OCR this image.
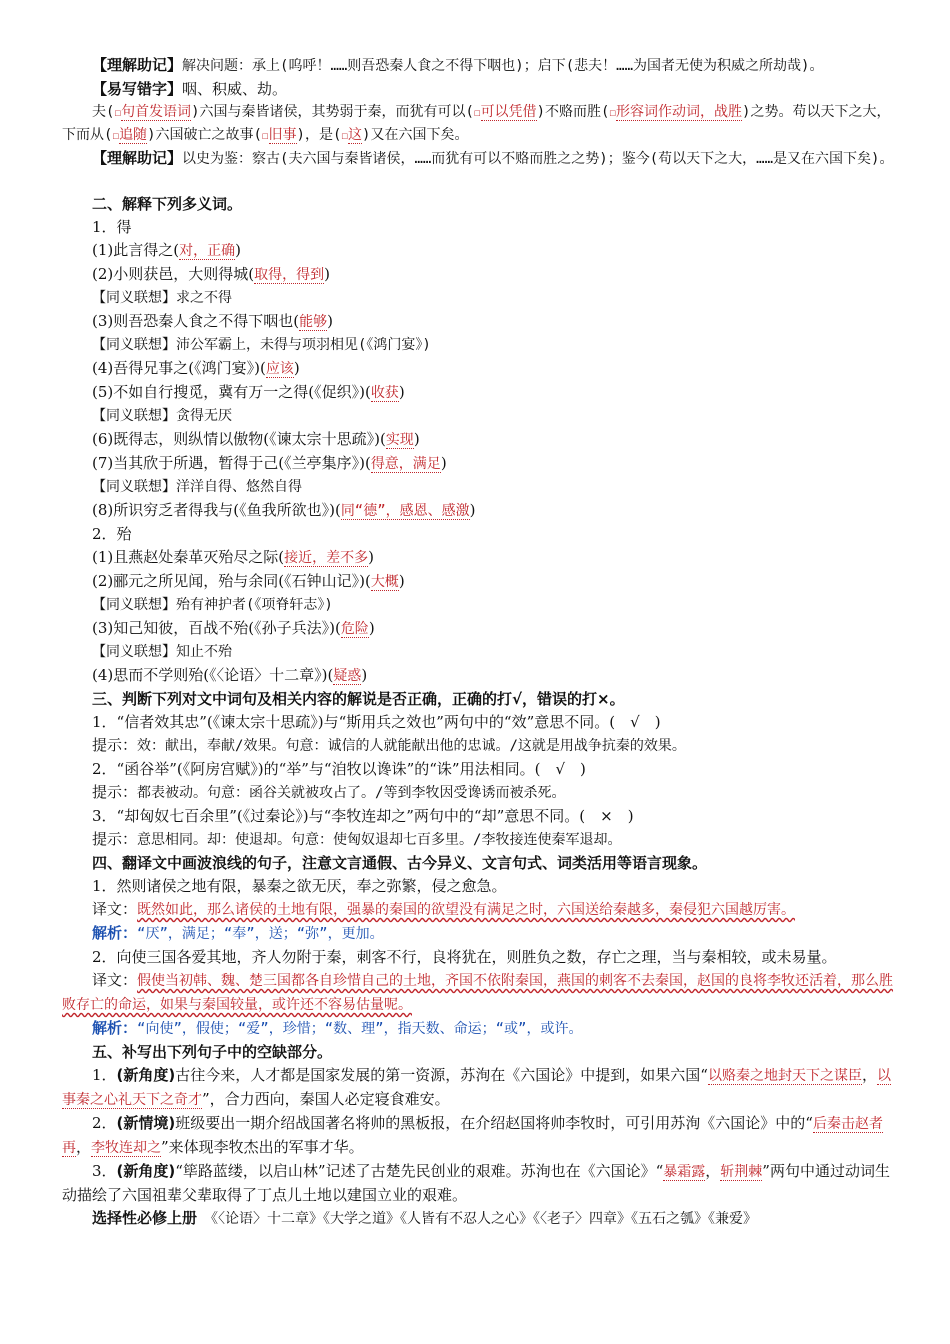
【理解助记】解决问题：承上(呜呼！……则吾恐秦人食之不得下咽也)；启下(悲夫！……为国者无使为积威之所劫哉)。

【易写错字】咽、积威、劫。

夫(☐句首发语词)六国与秦皆诸侯，其势弱于秦，而犹有可以(☐可以凭借)不赂而胜(☐形容词作动词，战胜)之势。苟以天下之大，下而从(☐追随)六国破亡之故事(☐旧事)，是(☐这)又在六国下矣。

【理解助记】以史为鉴：察古(夫六国与秦皆诸侯，……而犹有可以不赂而胜之之势)；鉴今(苟以天下之大，……是又在六国下矣)。

二、解释下列多义词。

1．得

(1)此言得之(对，正确)

(2)小则获邑，大则得城(取得，得到)

【同义联想】求之不得

(3)则吾恐秦人食之不得下咽也(能够)

【同义联想】沛公军霸上，未得与项羽相见(《鸿门宴》)

(4)吾得兄事之(《鸿门宴》)(应该)

(5)不如自行搜觅，冀有万一之得(《促织》)(收获)

【同义联想】贪得无厌

(6)既得志，则纵情以傲物(《谏太宗十思疏》)(实现)

(7)当其欣于所遇，暂得于己(《兰亭集序》)(得意，满足)

【同义联想】洋洋自得、悠然自得

(8)所识穷乏者得我与(《鱼我所欲也》)(同“德”，感恩、感激)

2．殆

(1)且燕赵处秦革灭殆尽之际(接近，差不多)

(2)郦元之所见闻，殆与余同(《石钟山记》)(大概)

【同义联想】殆有神护者(《项脊轩志》)

(3)知己知彼，百战不殆(《孙子兵法》)(危险)

【同义联想】知止不殆

(4)思而不学则殆(《〈论语〉十二章》)(疑惑)

三、判断下列对文中词句及相关内容的解说是否正确，正确的打√，错误的打×。

1．“信者效其忠”(《谏太宗十思疏》)与“斯用兵之效也”两句中的“效”意思不同。(　 √　)

提示：效：献出，奉献/效果。句意：诚信的人就能献出他的忠诚。/这就是用战争抗秦的效果。

2．“函谷举”(《阿房宫赋》)的“举”与“洎牧以谗诛”的“诛”用法相同。(　 √　)

提示：都表被动。句意：函谷关就被攻占了。/等到李牧因受谗诱而被杀死。

3．“却匈奴七百余里”(《过秦论》)与“李牧连却之”两句中的“却”意思不同。(　 ×　)

提示：意思相同。却：使退却。句意：使匈奴退却七百多里。/李牧接连使秦军退却。

四、翻译文中画波浪线的句子，注意文言通假、古今异义、文言句式、词类活用等语言现象。

1．然则诸侯之地有限，暴秦之欲无厌，奉之弥繁，侵之愈急。

译文：既然如此，那么诸侯的土地有限，强暴的秦国的欲望没有满足之时，六国送给秦越多，秦侵犯六国越厉害。

解析：“厌”，满足；“奉”，送；“弥”，更加。

2．向使三国各爱其地，齐人勿附于秦，刺客不行，良将犹在，则胜负之数，存亡之理，当与秦相较，或未易量。

译文：假使当初韩、魏、楚三国都各自珍惜自己的土地，齐国不依附秦国，燕国的刺客不去秦国，赵国的良将李牧还活着，那么胜败存亡的命运，如果与秦国较量，或许还不容易估量呢。

解析：“向使”，假使；“爱”，珍惜；“数、理”，指天数、命运；“或”，或许。

五、补写出下列句子中的空缺部分。

1．(新角度)古往今来，人才都是国家发展的第一资源，苏洵在《六国论》中提到，如果六国“以赂秦之地封天下之谋臣，以事秦之心礼天下之奇才”，合力西向，秦国人必定寝食难安。

2．(新情境)班级要出一期介绍战国著名将帅的黑板报，在介绍赵国将帅李牧时，可引用苏洵《六国论》中的“后秦击赵者再，李牧连却之”来体现李牧杰出的军事才华。

3．(新角度)“筚路蓝缕，以启山林”记述了古楚先民创业的艰难。苏洵也在《六国论》“暴霜露，斩荆棘”两句中通过动词生动描绘了六国祖辈父辈取得了丁点儿土地以建国立业的艰难。

选择性必修上册　《〈论语〉十二章》《大学之道》《人皆有不忍人之心》《〈老子〉四章》《五石之瓠》《兼爱》
